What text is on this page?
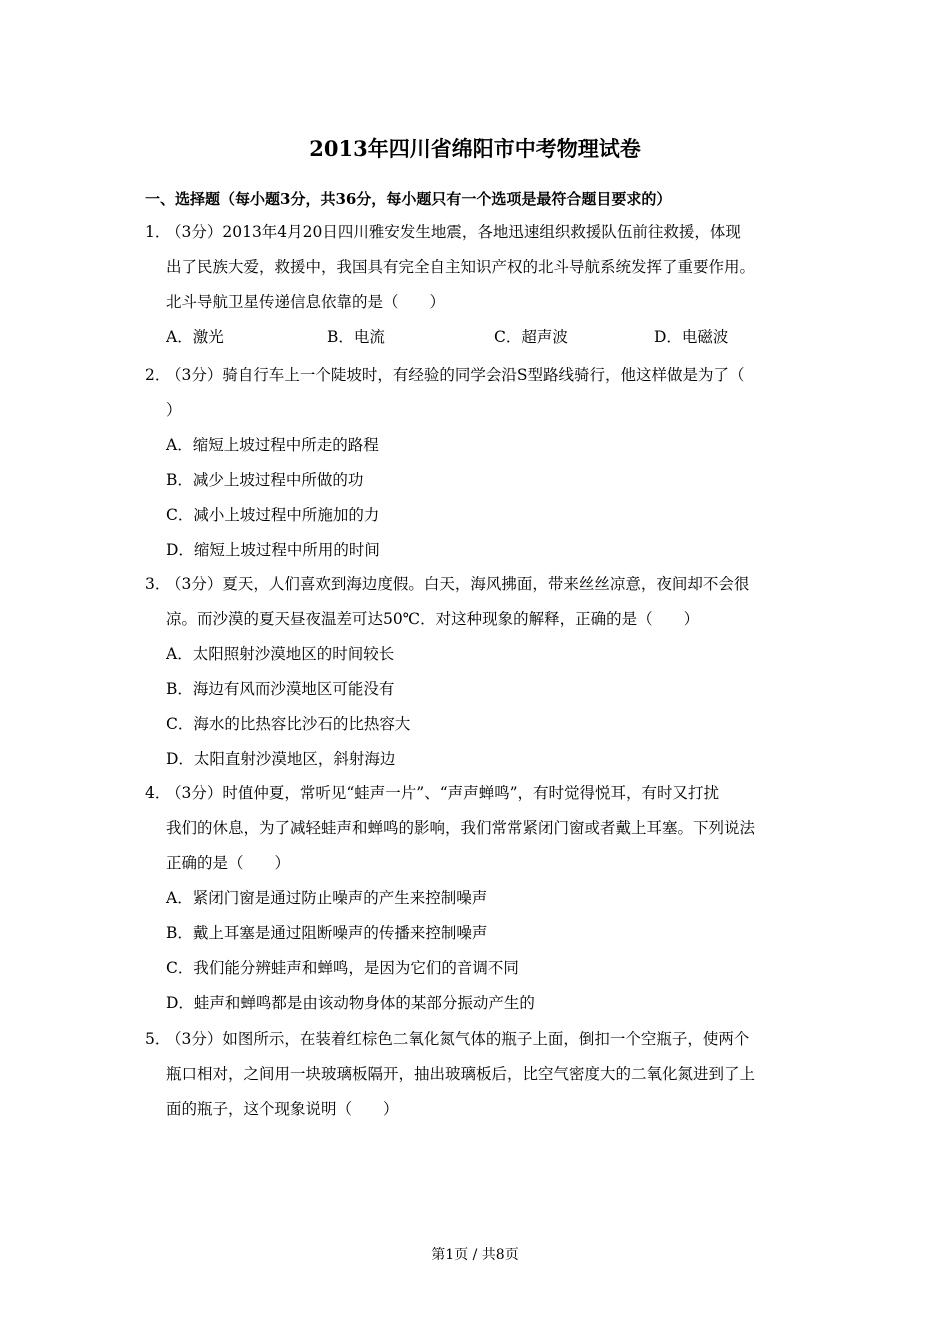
2013年四川省绵阳市中考物理试卷
一、选择题（每小题3分，共36分，每小题只有一个选项是最符合题目要求的）
1．
（3分）2013年4月20日四川雅安发生地震，各地迅速组织救援队伍前往救援，体现
出了民族大爱，救援中，我国具有完全自主知识产权的北斗导航系统发挥了重要作用。
北斗导航卫星传递信息依靠的是（　　）
A．激光	B．电流	C．超声波	D．电磁波
2．
（3分）骑自行车上一个陡坡时，有经验的同学会沿S型路线骑行，他这样做是为了（
）
A．缩短上坡过程中所走的路程
B．减少上坡过程中所做的功
C．减小上坡过程中所施加的力
D．缩短上坡过程中所用的时间
3．
（3分）夏天，人们喜欢到海边度假。白天，海风拂面，带来丝丝凉意，夜间却不会很
凉。而沙漠的夏天昼夜温差可达50℃．对这种现象的解释，正确的是（　　）
A．太阳照射沙漠地区的时间较长
B．海边有风而沙漠地区可能没有
C．海水的比热容比沙石的比热容大
D．太阳直射沙漠地区，斜射海边
4．
（3分）时值仲夏，常听见“蛙声一片”、“声声蝉鸣”，有时觉得悦耳，有时又打扰
我们的休息，为了减轻蛙声和蝉鸣的影响，我们常常紧闭门窗或者戴上耳塞。下列说法
正确的是（　　）
A．紧闭门窗是通过防止噪声的产生来控制噪声
B．戴上耳塞是通过阻断噪声的传播来控制噪声
C．我们能分辨蛙声和蝉鸣，是因为它们的音调不同
D．蛙声和蝉鸣都是由该动物身体的某部分振动产生的
5．
（3分）如图所示，在装着红棕色二氧化氮气体的瓶子上面，倒扣一个空瓶子，使两个
瓶口相对，之间用一块玻璃板隔开，抽出玻璃板后，比空气密度大的二氧化氮进到了上
面的瓶子，这个现象说明（　　）
第1页 / 共8页
